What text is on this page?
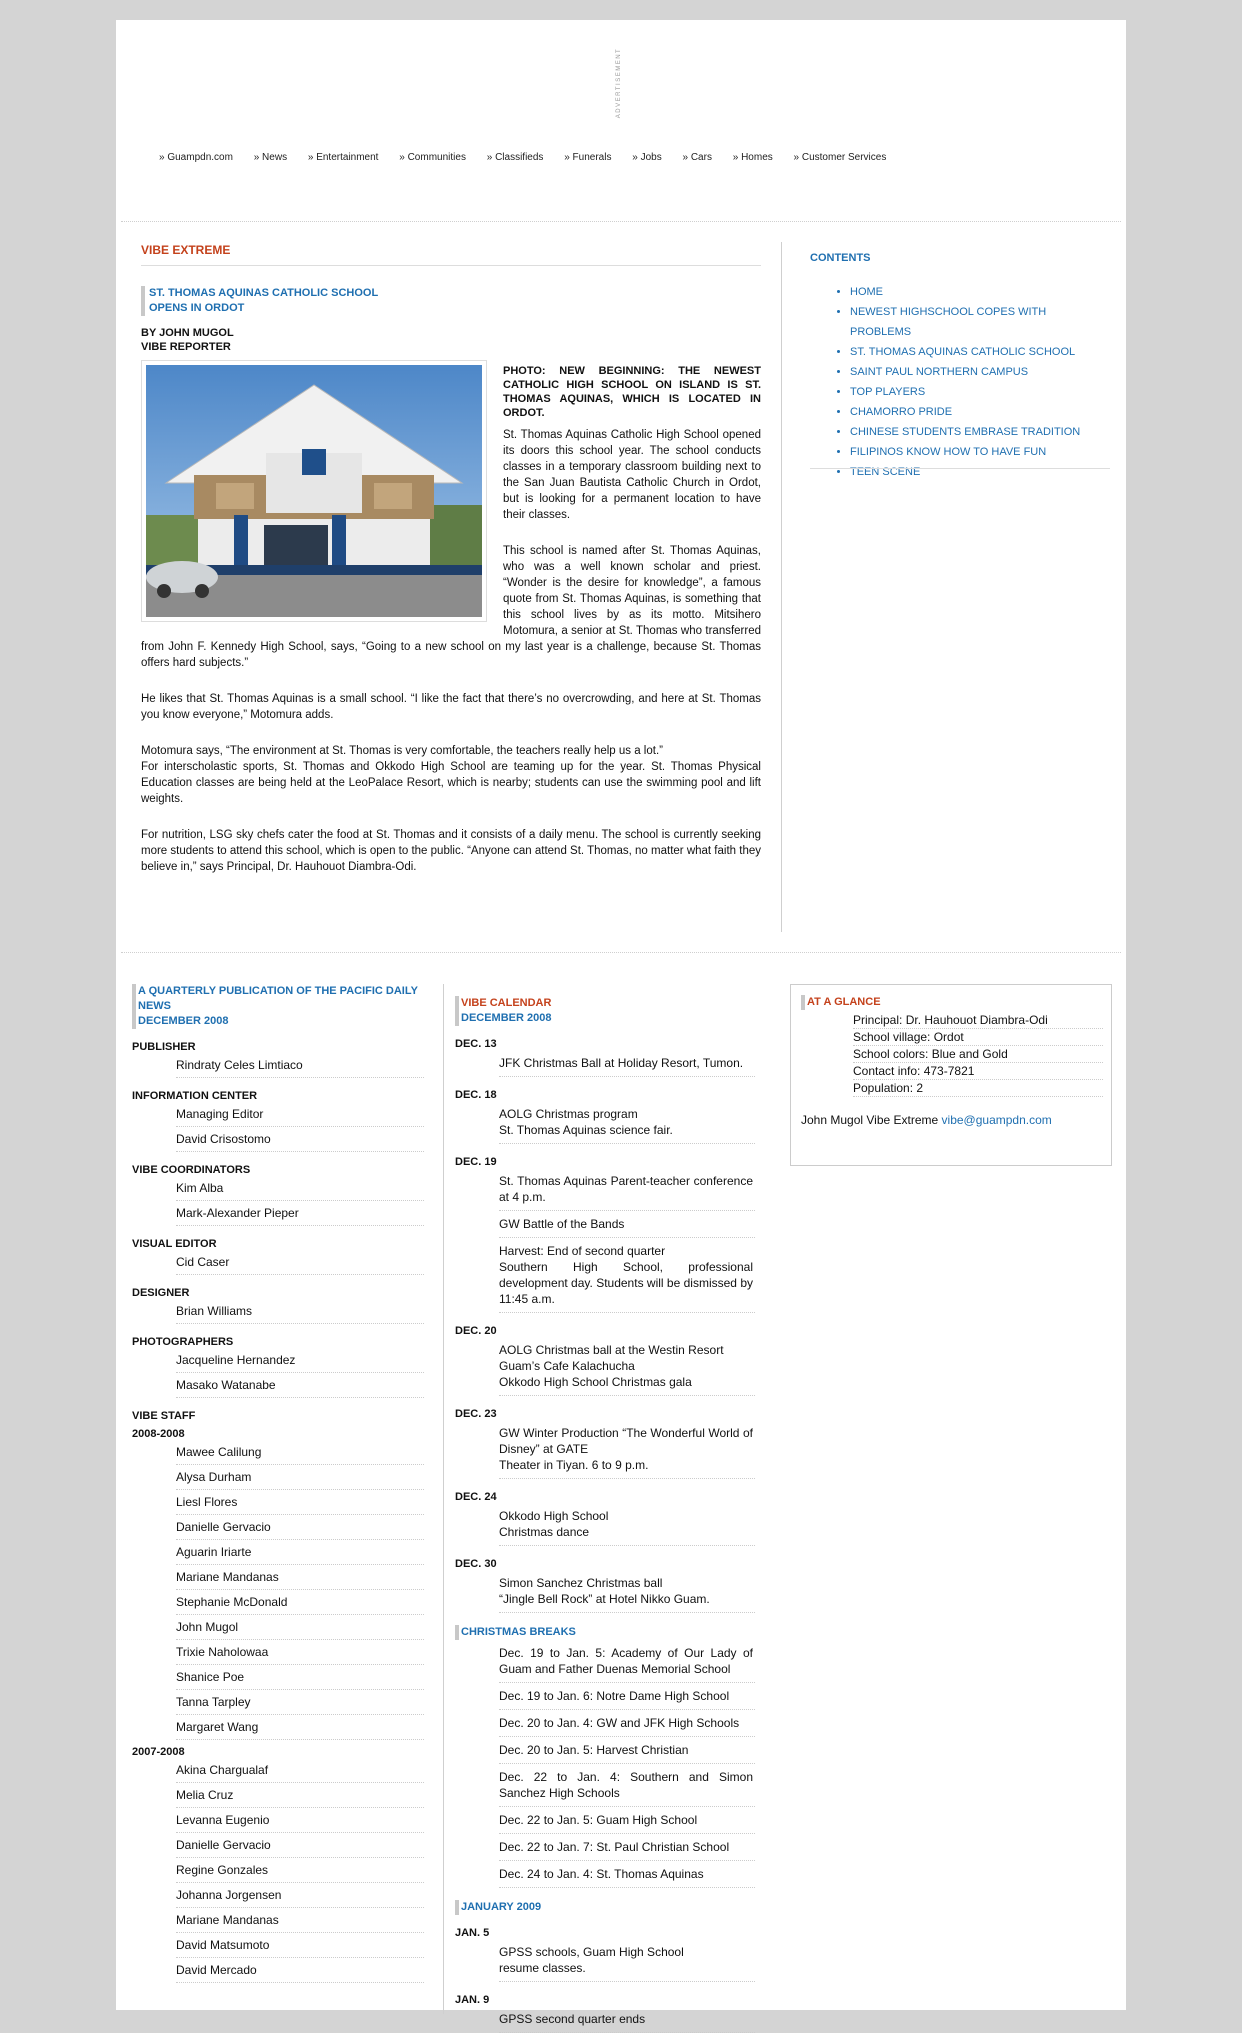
ADVERTISEMENT
» Guampdn.com » News » Entertainment » Communities » Classifieds » Funerals » Jobs » Cars » Homes » Customer Services
VIBE EXTREME
ST. THOMAS AQUINAS CATHOLIC SCHOOL
OPENS IN ORDOT
BY JOHN MUGOL
VIBE REPORTER
PHOTO: NEW BEGINNING: THE NEWEST CATHOLIC HIGH SCHOOL ON ISLAND IS ST. THOMAS AQUINAS, WHICH IS LOCATED IN ORDOT.

St. Thomas Aquinas Catholic High School opened its doors this school year. The school conducts classes in a temporary classroom building next to the San Juan Bautista Catholic Church in Ordot, but is looking for a permanent location to have their classes.

This school is named after St. Thomas Aquinas, who was a well known scholar and priest. “Wonder is the desire for knowledge”, a famous quote from St. Thomas Aquinas, is something that this school lives by as its motto. Mitsihero Motomura, a senior at St. Thomas who transferred from John F. Kennedy High School, says, “Going to a new school on my last year is a challenge, because St. Thomas offers hard subjects.”

He likes that St. Thomas Aquinas is a small school. “I like the fact that there’s no overcrowding, and here at St. Thomas you know everyone,” Motomura adds.

Motomura says, “The environment at St. Thomas is very comfortable, the teachers really help us a lot.”

For interscholastic sports, St. Thomas and Okkodo High School are teaming up for the year. St. Thomas Physical Education classes are being held at the LeoPalace Resort, which is nearby; students can use the swimming pool and lift weights.

For nutrition, LSG sky chefs cater the food at St. Thomas and it consists of a daily menu. The school is currently seeking more students to attend this school, which is open to the public. “Anyone can attend St. Thomas, no matter what faith they believe in,” says Principal, Dr. Hauhouot Diambra-Odi.

CONTENTS
• HOME
• NEWEST HIGHSCHOOL COPES WITH PROBLEMS
• ST. THOMAS AQUINAS CATHOLIC SCHOOL
• SAINT PAUL NORTHERN CAMPUS
• TOP PLAYERS
• CHAMORRO PRIDE
• CHINESE STUDENTS EMBRASE TRADITION
• FILIPINOS KNOW HOW TO HAVE FUN
• TEEN SCENE
A QUARTERLY PUBLICATION OF THE PACIFIC DAILY NEWS
DECEMBER 2008
PUBLISHER
Rindraty Celes Limtiaco
INFORMATION CENTER
Managing Editor
David Crisostomo
VIBE COORDINATORS
Kim Alba
Mark-Alexander Pieper
VISUAL EDITOR
Cid Caser
DESIGNER
Brian Williams
PHOTOGRAPHERS
Jacqueline Hernandez
Masako Watanabe
VIBE STAFF
2008-2008
Mawee Calilung
Alysa Durham
Liesl Flores
Danielle Gervacio
Aguarin Iriarte
Mariane Mandanas
Stephanie McDonald
John Mugol
Trixie Naholowaa
Shanice Poe
Tanna Tarpley
Margaret Wang
2007-2008
Akina Chargualaf
Melia Cruz
Levanna Eugenio
Danielle Gervacio
Regine Gonzales
Johanna Jorgensen
Mariane Mandanas
David Matsumoto
David Mercado
VIBE CALENDAR
DECEMBER 2008
DEC. 13
JFK Christmas Ball at Holiday Resort, Tumon.
DEC. 18
AOLG Christmas program
St. Thomas Aquinas science fair.
DEC. 19
St. Thomas Aquinas Parent-teacher conference at 4 p.m.
GW Battle of the Bands
Harvest: End of second quarter
Southern High School, professional development day. Students will be dismissed by 11:45 a.m.
DEC. 20
AOLG Christmas ball at the Westin Resort
Guam’s Cafe Kalachucha
Okkodo High School Christmas gala
DEC. 23
GW Winter Production “The Wonderful World of Disney” at GATE
Theater in Tiyan. 6 to 9 p.m.
DEC. 24
Okkodo High School
Christmas dance
DEC. 30
Simon Sanchez Christmas ball
“Jingle Bell Rock” at Hotel Nikko Guam.
CHRISTMAS BREAKS
Dec. 19 to Jan. 5: Academy of Our Lady of Guam and Father Duenas Memorial School
Dec. 19 to Jan. 6: Notre Dame High School
Dec. 20 to Jan. 4: GW and JFK High Schools
Dec. 20 to Jan. 5: Harvest Christian
Dec. 22 to Jan. 4: Southern and Simon Sanchez High Schools
Dec. 22 to Jan. 5: Guam High School
Dec. 22 to Jan. 7: St. Paul Christian School
Dec. 24 to Jan. 4: St. Thomas Aquinas
JANUARY 2009
JAN. 5
GPSS schools, Guam High School
resume classes.
JAN. 9
GPSS second quarter ends
AT A GLANCE
Principal: Dr. Hauhouot Diambra-Odi
School village: Ordot
School colors: Blue and Gold
Contact info: 473-7821
Population: 2
John Mugol Vibe Extreme vibe@guampdn.com
